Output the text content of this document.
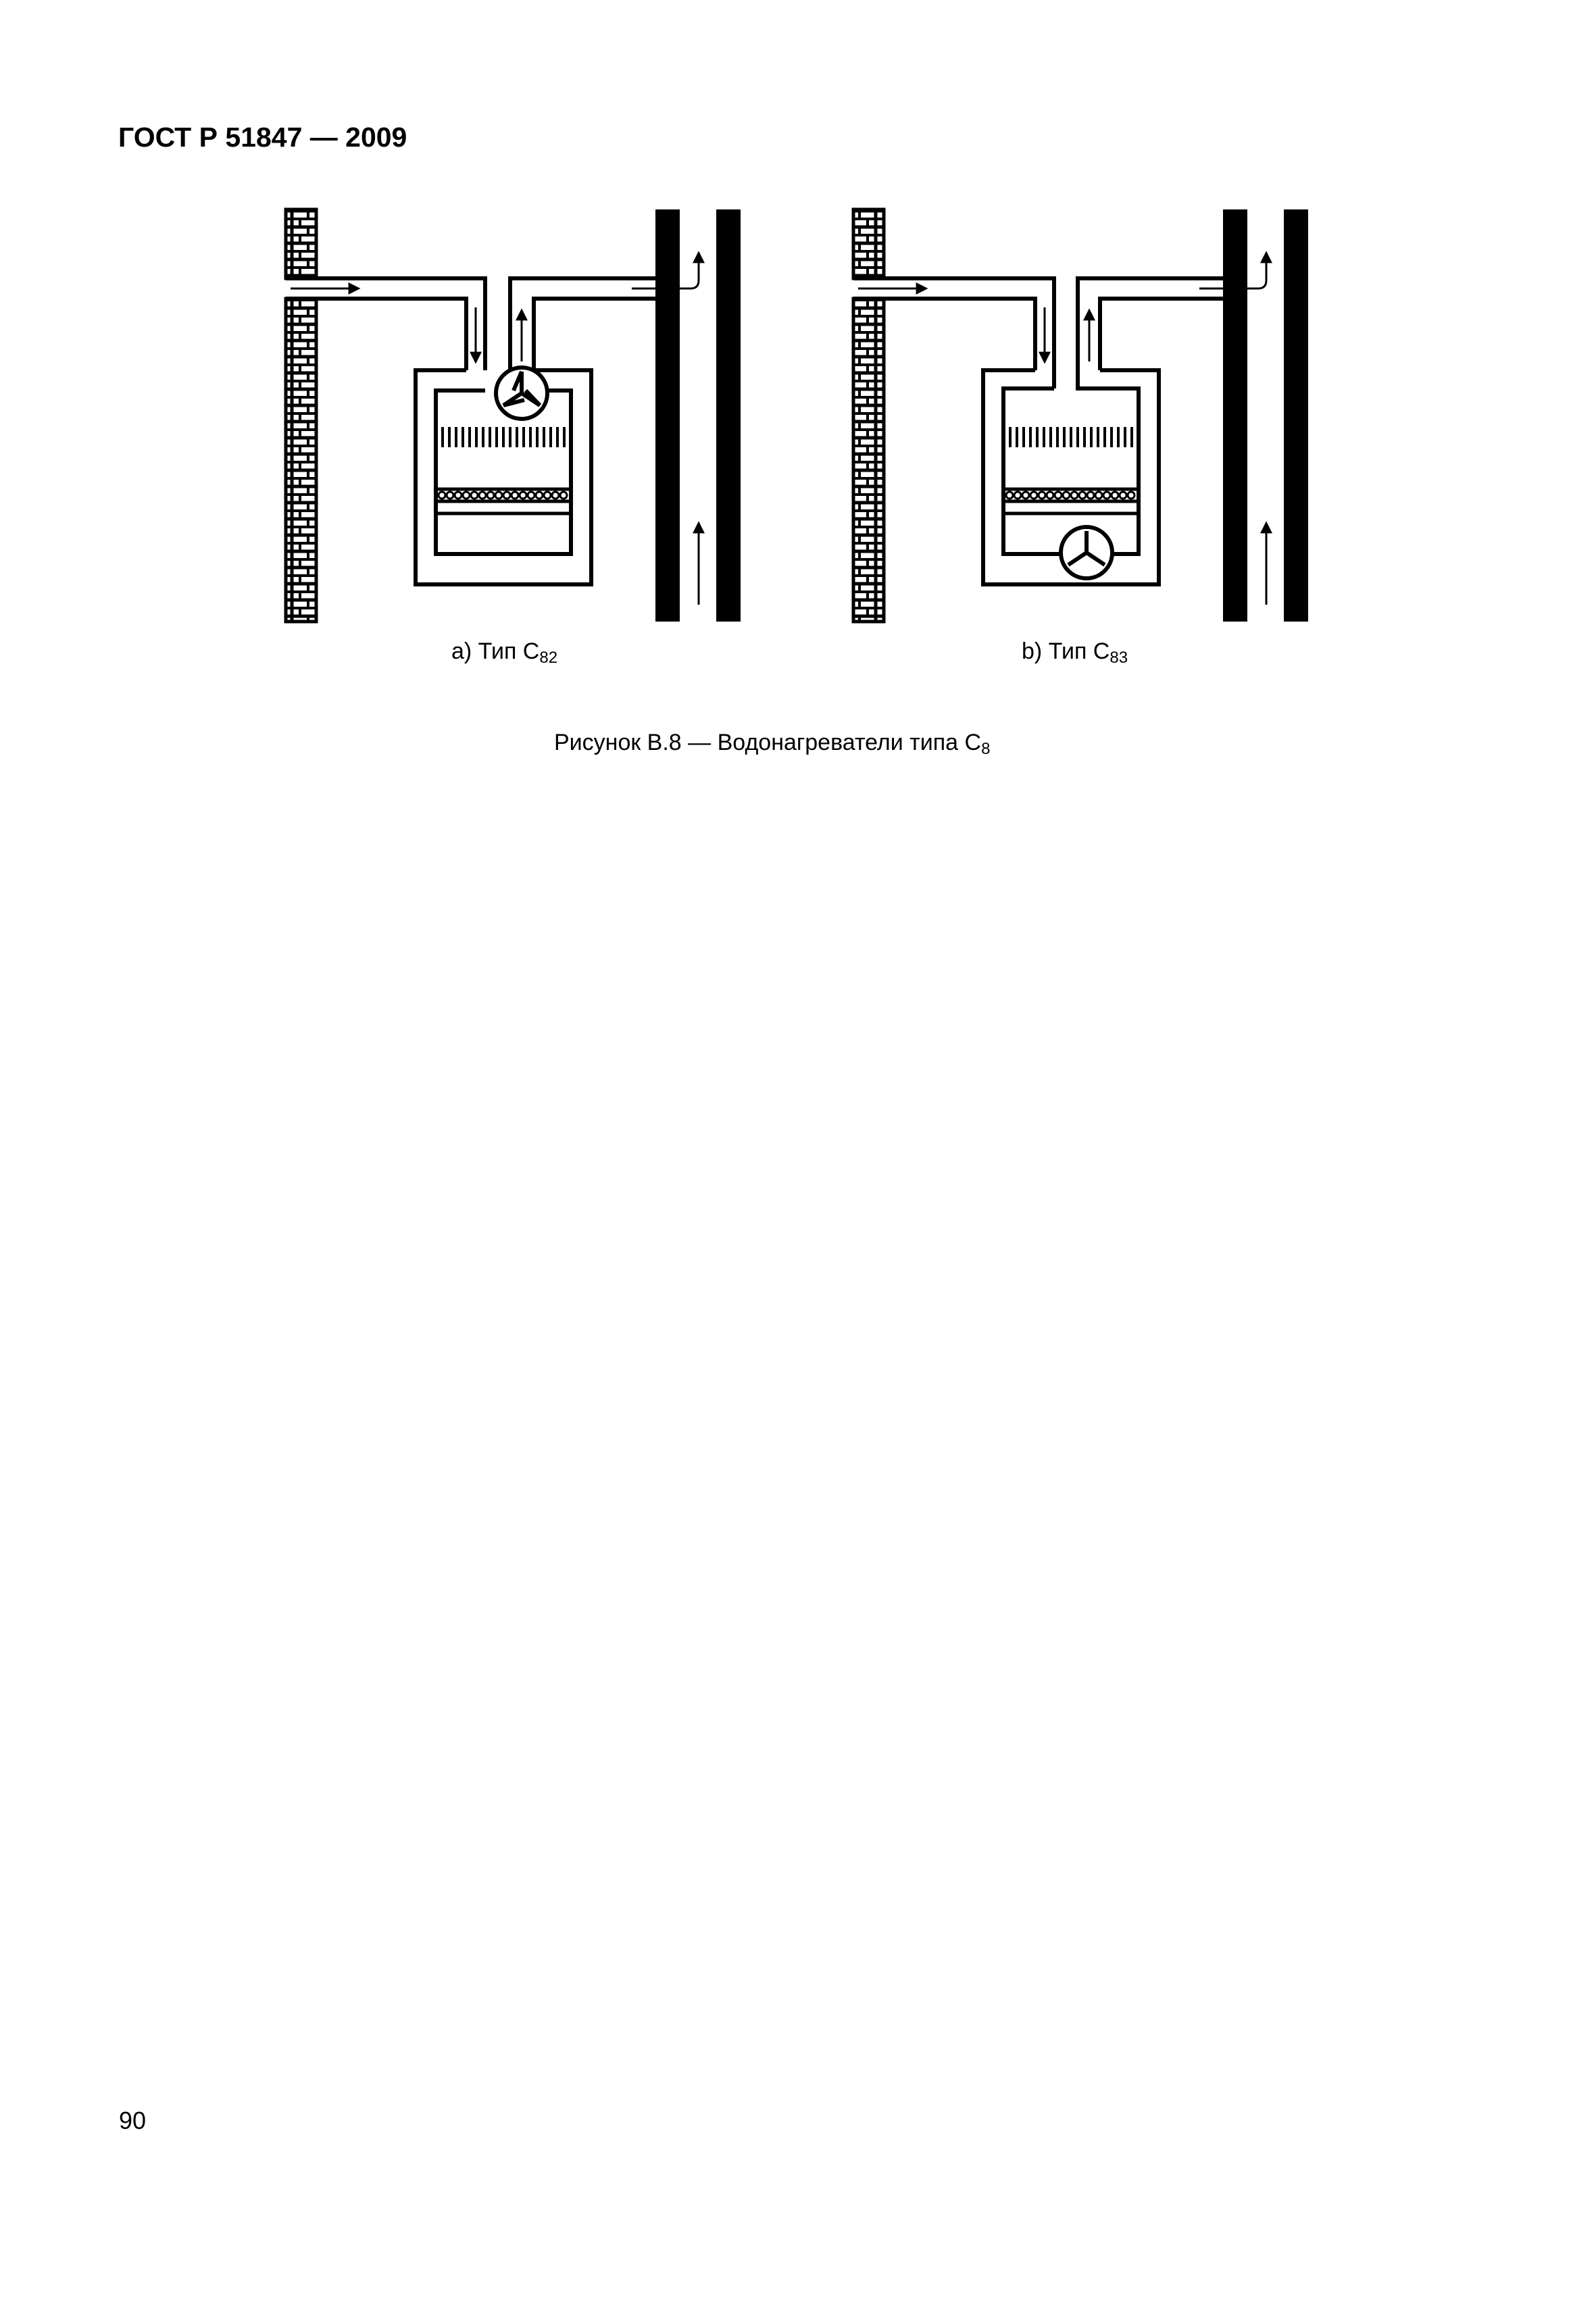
ГОСТ Р 51847 — 2009
a) Тип $C_{82}$	b) Тип $C_{83}$
Рисунок В.8 — Водонагреватели типа $C_8$
90
